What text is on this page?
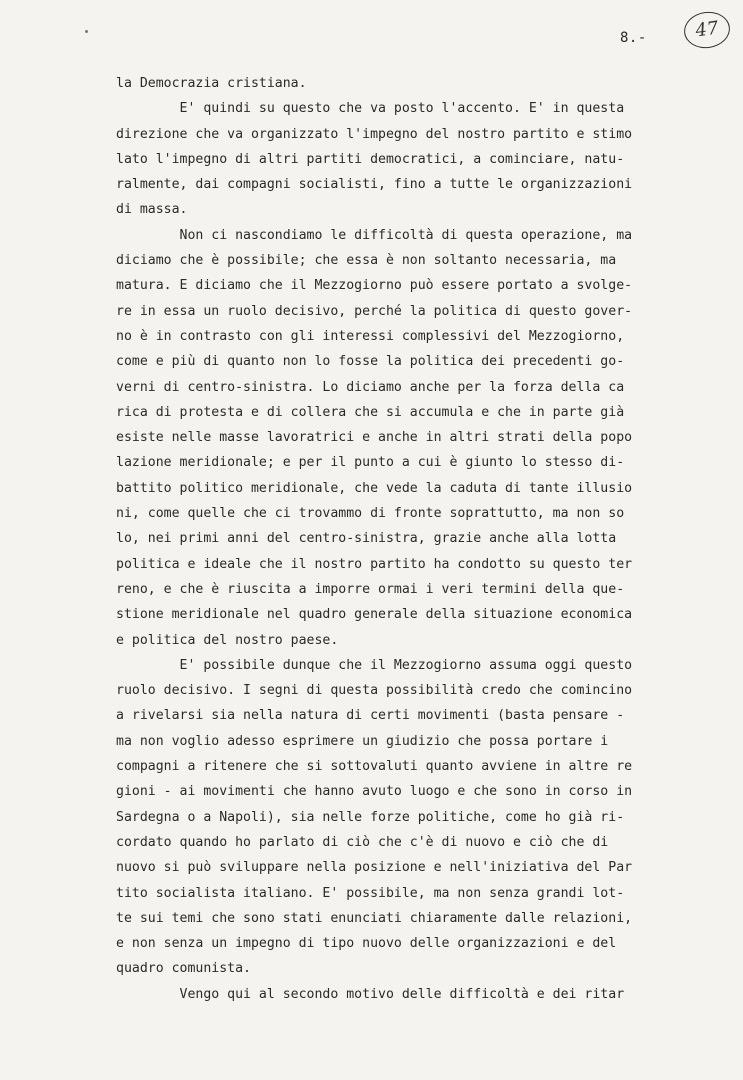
8.-	47
la Democrazia cristiana.
E' quindi su questo che va posto l'accento. E' in questa
direzione che va organizzato l'impegno del nostro partito e stimo
lato l'impegno di altri partiti democratici, a cominciare, natu-
ralmente, dai compagni socialisti, fino a tutte le organizzazioni
di massa.
Non ci nascondiamo le difficoltà di questa operazione, ma
diciamo che è possibile; che essa è non soltanto necessaria, ma
matura. E diciamo che il Mezzogiorno può essere portato a svolge-
re in essa un ruolo decisivo, perché la politica di questo gover-
no è in contrasto con gli interessi complessivi del Mezzogiorno,
come e più di quanto non lo fosse la politica dei precedenti go-
verni di centro-sinistra. Lo diciamo anche per la forza della ca
rica di protesta e di collera che si accumula e che in parte già
esiste nelle masse lavoratrici e anche in altri strati della popo
lazione meridionale; e per il punto a cui è giunto lo stesso di-
battito politico meridionale, che vede la caduta di tante illusio
ni, come quelle che ci trovammo di fronte soprattutto, ma non so
lo, nei primi anni del centro-sinistra, grazie anche alla lotta
politica e ideale che il nostro partito ha condotto su questo ter
reno, e che è riuscita a imporre ormai i veri termini della que-
stione meridionale nel quadro generale della situazione economica
e politica del nostro paese.
E' possibile dunque che il Mezzogiorno assuma oggi questo
ruolo decisivo. I segni di questa possibilità credo che comincino
a rivelarsi sia nella natura di certi movimenti (basta pensare -
ma non voglio adesso esprimere un giudizio che possa portare i
compagni a ritenere che si sottovaluti quanto avviene in altre re
gioni - ai movimenti che hanno avuto luogo e che sono in corso in
Sardegna o a Napoli), sia nelle forze politiche, come ho già ri-
cordato quando ho parlato di ciò che c'è di nuovo e ciò che di
nuovo si può sviluppare nella posizione e nell'iniziativa del Par
tito socialista italiano. E' possibile, ma non senza grandi lot-
te sui temi che sono stati enunciati chiaramente dalle relazioni,
e non senza un impegno di tipo nuovo delle organizzazioni e del
quadro comunista.
Vengo qui al secondo motivo delle difficoltà e dei ritar
